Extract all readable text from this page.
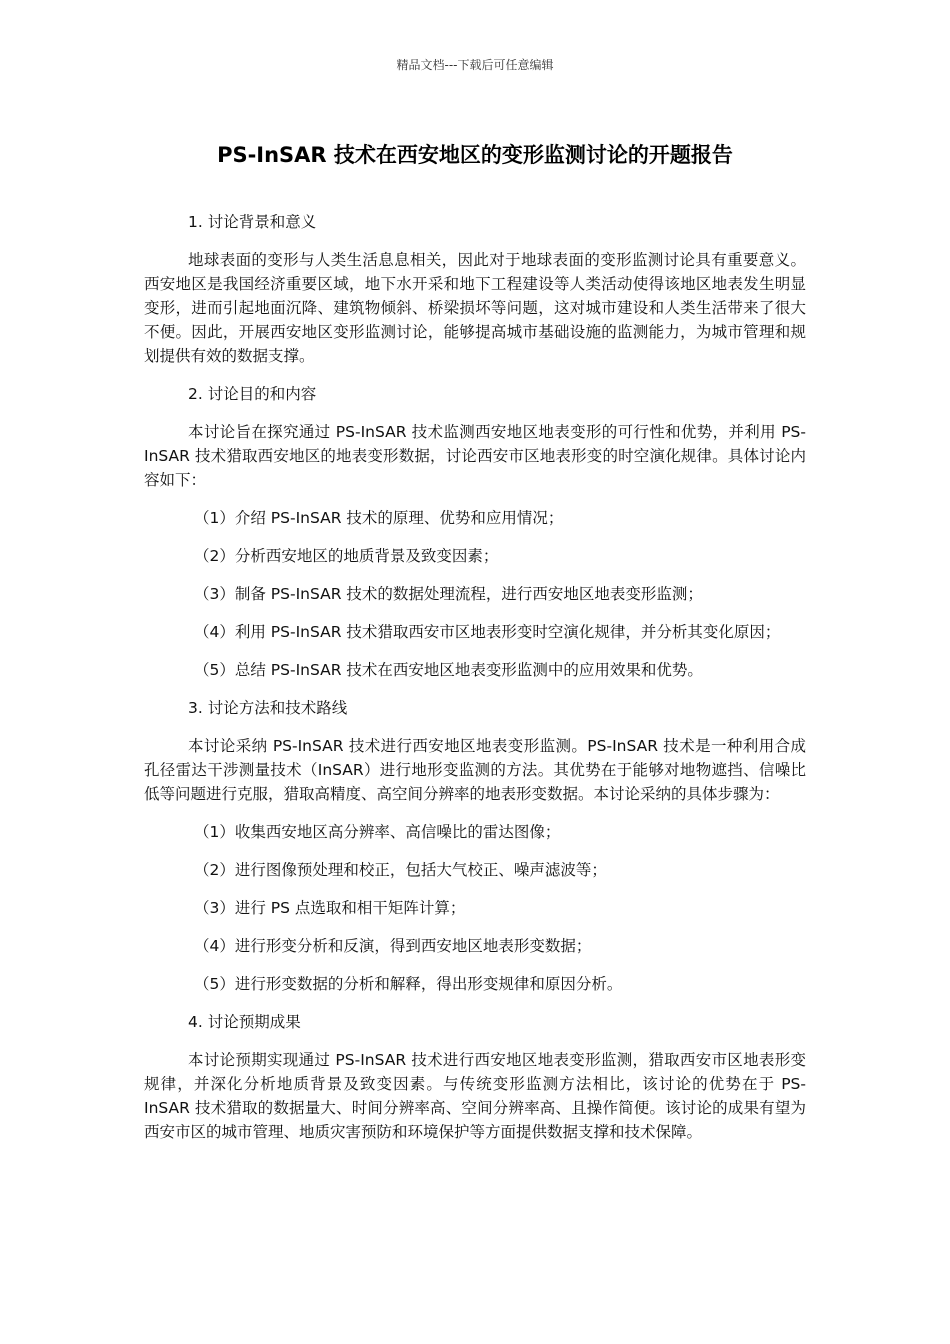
精品文档---下载后可任意编辑
PS-InSAR 技术在西安地区的变形监测讨论的开题报告

1. 讨论背景和意义

地球表面的变形与人类生活息息相关，因此对于地球表面的变形监测讨论具有重要意义。西安地区是我国经济重要区域，地下水开采和地下工程建设等人类活动使得该地区地表发生明显变形，进而引起地面沉降、建筑物倾斜、桥梁损坏等问题，这对城市建设和人类生活带来了很大不便。因此，开展西安地区变形监测讨论，能够提高城市基础设施的监测能力，为城市管理和规划提供有效的数据支撑。

2. 讨论目的和内容

本讨论旨在探究通过 PS-InSAR 技术监测西安地区地表变形的可行性和优势，并利用 PS-InSAR 技术猎取西安地区的地表变形数据，讨论西安市区地表形变的时空演化规律。具体讨论内容如下：

（1）介绍 PS-InSAR 技术的原理、优势和应用情况；

（2）分析西安地区的地质背景及致变因素；

（3）制备 PS-InSAR 技术的数据处理流程，进行西安地区地表变形监测；

（4）利用 PS-InSAR 技术猎取西安市区地表形变时空演化规律，并分析其变化原因；

（5）总结 PS-InSAR 技术在西安地区地表变形监测中的应用效果和优势。

3. 讨论方法和技术路线

本讨论采纳 PS-InSAR 技术进行西安地区地表变形监测。PS-InSAR 技术是一种利用合成孔径雷达干涉测量技术（InSAR）进行地形变监测的方法。其优势在于能够对地物遮挡、信噪比低等问题进行克服，猎取高精度、高空间分辨率的地表形变数据。本讨论采纳的具体步骤为：

（1）收集西安地区高分辨率、高信噪比的雷达图像；

（2）进行图像预处理和校正，包括大气校正、噪声滤波等；

（3）进行 PS 点选取和相干矩阵计算；

（4）进行形变分析和反演，得到西安地区地表形变数据；

（5）进行形变数据的分析和解释，得出形变规律和原因分析。

4. 讨论预期成果

本讨论预期实现通过 PS-InSAR 技术进行西安地区地表变形监测，猎取西安市区地表形变规律，并深化分析地质背景及致变因素。与传统变形监测方法相比，该讨论的优势在于 PS-InSAR 技术猎取的数据量大、时间分辨率高、空间分辨率高、且操作简便。该讨论的成果有望为西安市区的城市管理、地质灾害预防和环境保护等方面提供数据支撑和技术保障。
